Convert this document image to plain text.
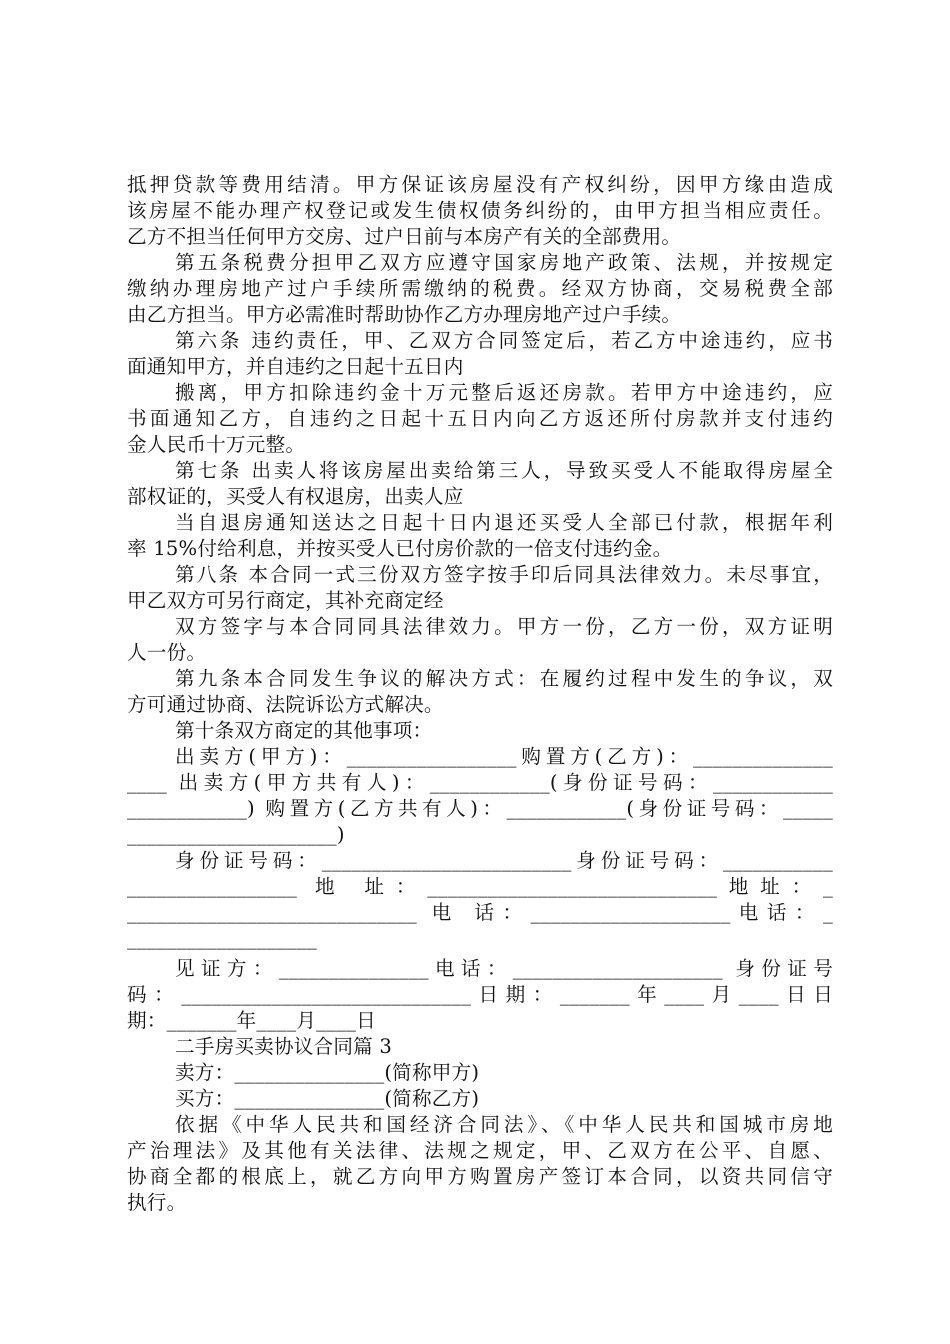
抵押贷款等费用结清。甲方保证该房屋没有产权纠纷，因甲方缘由造成
该房屋不能办理产权登记或发生债权债务纠纷的，由甲方担当相应责任。
乙方不担当任何甲方交房、过户日前与本房产有关的全部费用。
第五条税费分担甲乙双方应遵守国家房地产政策、法规，并按规定
缴纳办理房地产过户手续所需缴纳的税费。经双方协商，交易税费全部
由乙方担当。甲方必需准时帮助协作乙方办理房地产过户手续。
第六条 违约责任，甲、乙双方合同签定后，若乙方中途违约，应书
面通知甲方，并自违约之日起十五日内
搬离，甲方扣除违约金十万元整后返还房款。若甲方中途违约，应
书面通知乙方，自违约之日起十五日内向乙方返还所付房款并支付违约
金人民币十万元整。
第七条 出卖人将该房屋出卖给第三人，导致买受人不能取得房屋全
部权证的，买受人有权退房，出卖人应
当自退房通知送达之日起十日内退还买受人全部已付款，根据年利
率 15%付给利息，并按买受人已付房价款的一倍支付违约金。
第八条 本合同一式三份双方签字按手印后同具法律效力。未尽事宜，
甲乙双方可另行商定，其补充商定经
双方签字与本合同同具法律效力。甲方一份，乙方一份，双方证明
人一份。
第九条本合同发生争议的解决方式：在履约过程中发生的争议，双
方可通过协商、法院诉讼方式解决。
第十条双方商定的其他事项：
出卖方(甲方)：_________________购置方(乙方)：______________
____ 出卖方(甲方共有人)：____________(身份证号码：____________
____________) 购置方(乙方共有人)：____________(身份证号码：_____
_____________________)
身份证号码：_________________________身份证号码：___________
_________________ 地 址：_____________________________地址：_
_____________________________ 电 话：____________________电话：_
___________________
见证方：_______________电话：_____________________ 身份证号
码：_____________________________日期：_______年____月____日日
期：_______年____月____日
二手房买卖协议合同篇 3
卖方：_______________(简称甲方)
买方：_______________(简称乙方)
依据《中华人民共和国经济合同法》、《中华人民共和国城市房地
产治理法》及其他有关法律、法规之规定，甲、乙双方在公平、自愿、
协商全都的根底上，就乙方向甲方购置房产签订本合同，以资共同信守
执行。
